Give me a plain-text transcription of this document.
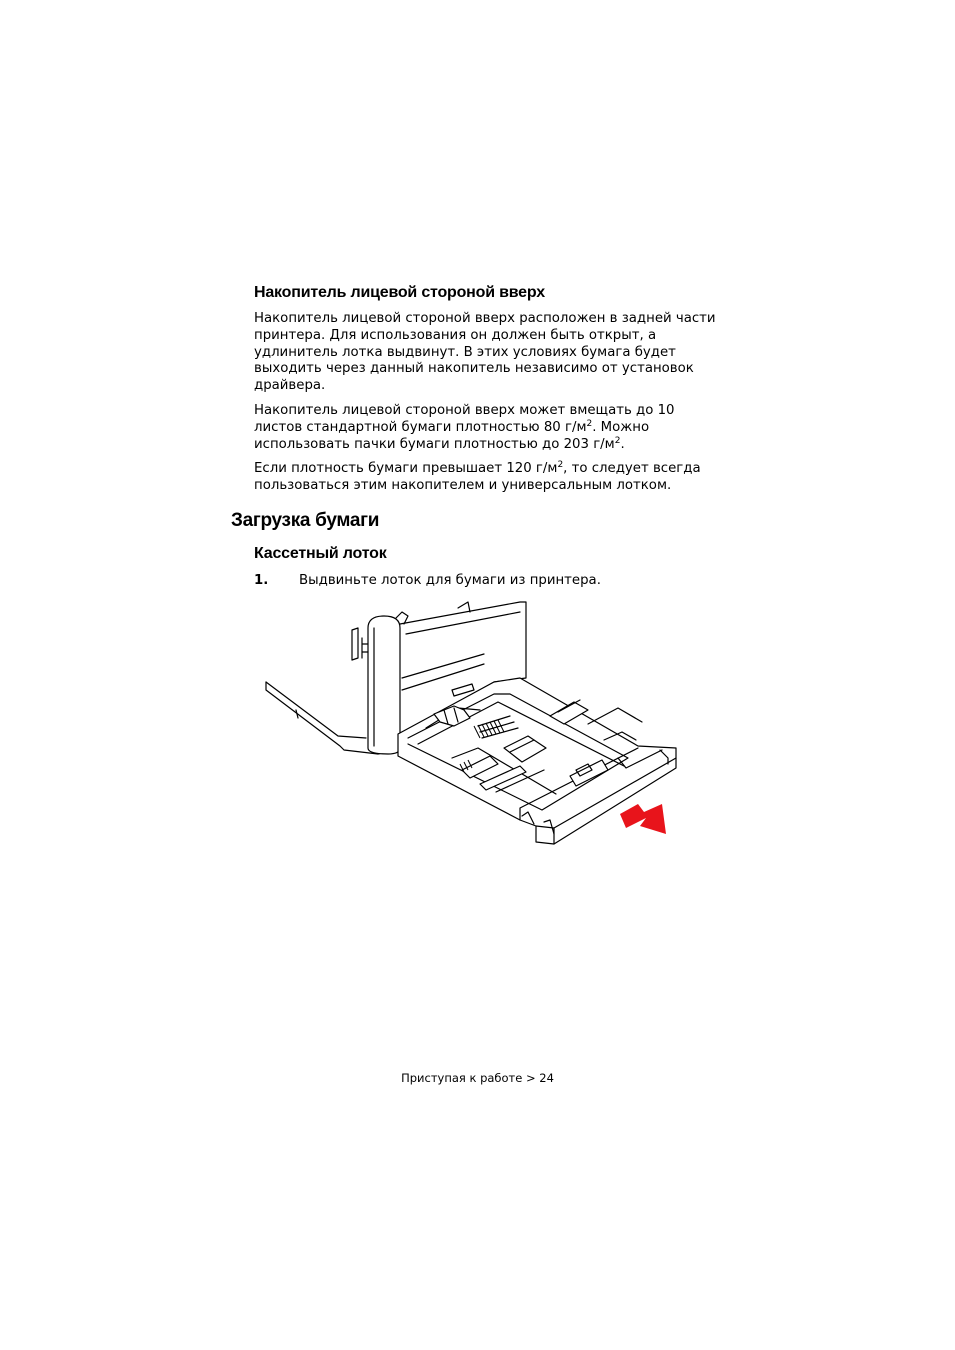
Накопитель лицевой стороной вверх

Накопитель лицевой стороной вверх расположен в задней части принтера. Для использования он должен быть открыт, а удлинитель лотка выдвинут. В этих условиях бумага будет выходить через данный накопитель независимо от установок драйвера.

Накопитель лицевой стороной вверх может вмещать до 10 листов стандартной бумаги плотностью 80 $г/м^2$. Можно использовать пачки бумаги плотностью до 203 $г/м^2$.

Если плотность бумаги превышает 120 $г/м^2$, то следует всегда пользоваться этим накопителем и универсальным лотком.

Загрузка бумаги
Кассетный лоток
1. Выдвиньте лоток для бумаги из принтера.
Приступая к работе > 24
